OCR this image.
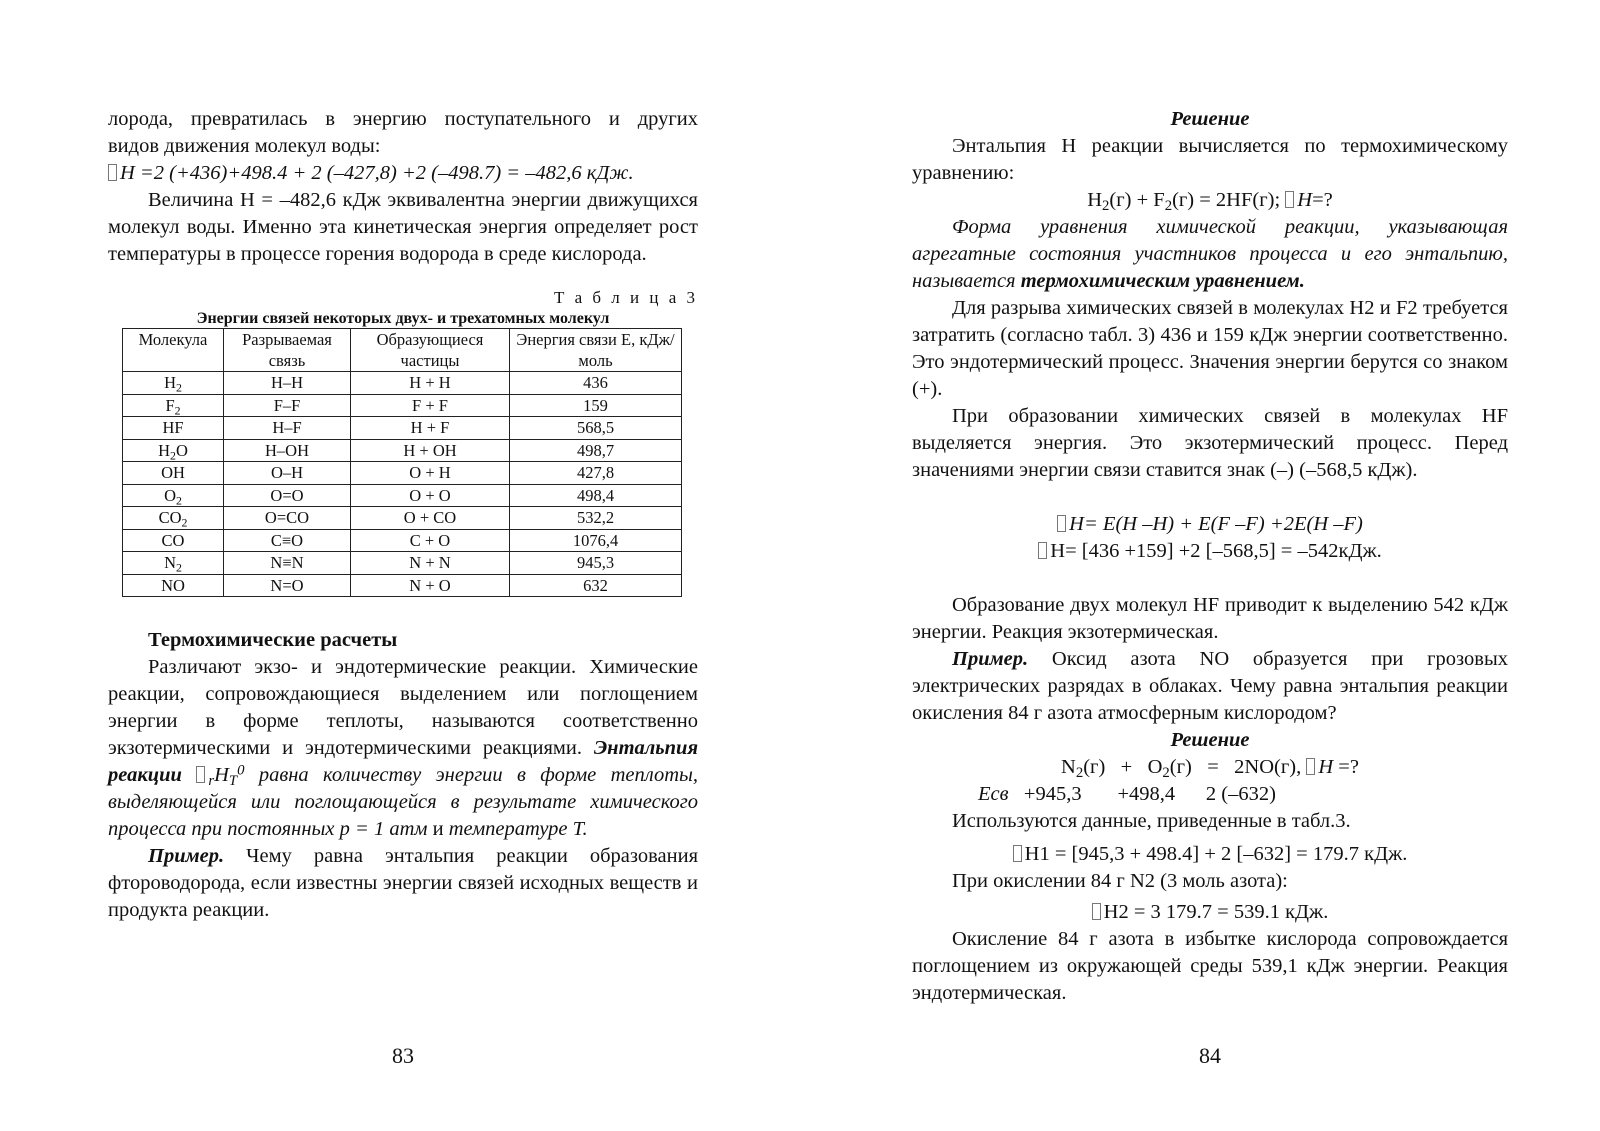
лорода, превратилась в энергию поступательного и других

видов движения молекул воды:

H =2 (+436)+498.4 + 2 (–427,8) +2 (–498.7) = –482,6 кДж.

Величина H = –482,6 кДж эквивалентна энергии движущихся молекул воды. Именно эта кинетическая энергия определяет рост температуры в процессе горения водорода в среде кислорода.

Т а б л и ц а 3
Энергии связей некоторых двух- и трехатомных молекул
Молекула	Разрываемая связь	Образующиеся частицы	Энергия связи E, кДж/моль
$H_2$	H–H	H + H	436
$F_2$	F–F	F + F	159
HF	H–F	H + F	568,5
$H_2O$	H–OH	H + OH	498,7
OH	O–H	O + H	427,8
$O_2$	O=O	O + O	498,4
$CO_2$	O=CO	O + CO	532,2
CO	C≡O	C + O	1076,4
$N_2$	N≡N	N + N	945,3
NO	N=O	N + O	632

Термохимические расчеты

Различают экзо- и эндотермические реакции. Химические реакции, сопровождающиеся выделением или поглощением энергии в форме теплоты, называются соответственно экзотермическими и эндотермическими реакциями. Энтальпия реакции $_rH_T^0$ равна количеству энергии в форме теплоты, выделяющейся или поглощающейся в результате химического процесса при постоянных p = 1 атм и температуре T.

Пример. Чему равна энтальпия реакции образования фтороводорода, если известны энергии связей исходных веществ и продукта реакции.

83

Решение

Энтальпия H реакции вычисляется по термохимическому уравнению:

$H_2(г) + F_2(г) = 2HF(г)$; H=?

Форма уравнения химической реакции, указывающая агрегатные состояния участников процесса и его энтальпию, называется термохимическим уравнением.

Для разрыва химических связей в молекулах H2 и F2 требуется затратить (согласно табл. 3) 436 и 159 кДж энергии соответственно. Это эндотермический процесс. Значения энергии берутся со знаком (+).

При образовании химических связей в молекулах HF выделяется энергия. Это экзотермический процесс. Перед значениями энергии связи ставится знак (–) (–568,5 кДж).

H= E(H –H) + E(F –F) +2E(H –F)

H= [436 +159] +2 [–568,5] = –542кДж.

Образование двух молекул HF приводит к выделению 542 кДж энергии. Реакция экзотермическая.

Пример. Оксид азота NO образуется при грозовых электрических разрядах в облаках. Чему равна энтальпия реакции окисления 84 г азота атмосферным кислородом?

Решение

$N_2(г) + O_2(г) = 2NO(г)$, H =?

Eсв +945,3 +498,4 2 (–632)

Используются данные, приведенные в табл.3.

H1 = [945,3 + 498.4] + 2 [–632] = 179.7 кДж.

При окислении 84 г N2 (3 моль азота):

H2 = 3 179.7 = 539.1 кДж.

Окисление 84 г азота в избытке кислорода сопровождается поглощением из окружающей среды 539,1 кДж энергии. Реакция эндотермическая.

84
